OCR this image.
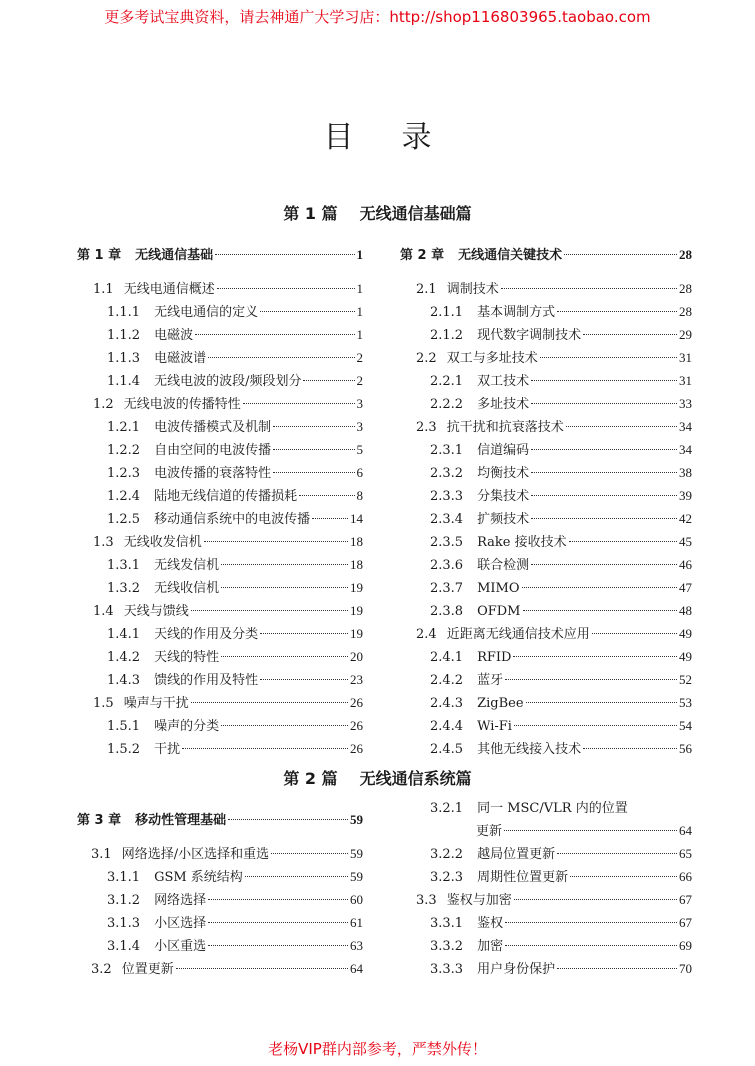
更多考试宝典资料，请去神通广大学习店：http://shop116803965.taobao.com
目录
第 1 篇 无线通信基础篇
第 1 章 无线通信基础	1
1.1 无线电通信概述	1
1.1.1 无线电通信的定义	1
1.1.2 电磁波	1
1.1.3 电磁波谱	2
1.1.4 无线电波的波段/频段划分	2
1.2 无线电波的传播特性	3
1.2.1 电波传播模式及机制	3
1.2.2 自由空间的电波传播	5
1.2.3 电波传播的衰落特性	6
1.2.4 陆地无线信道的传播损耗	8
1.2.5 移动通信系统中的电波传播	14
1.3 无线收发信机	18
1.3.1 无线发信机	18
1.3.2 无线收信机	19
1.4 天线与馈线	19
1.4.1 天线的作用及分类	19
1.4.2 天线的特性	20
1.4.3 馈线的作用及特性	23
1.5 噪声与干扰	26
1.5.1 噪声的分类	26
1.5.2 干扰	26
第 2 章 无线通信关键技术	28
2.1 调制技术	28
2.1.1 基本调制方式	28
2.1.2 现代数字调制技术	29
2.2 双工与多址技术	31
2.2.1 双工技术	31
2.2.2 多址技术	33
2.3 抗干扰和抗衰落技术	34
2.3.1 信道编码	34
2.3.2 均衡技术	38
2.3.3 分集技术	39
2.3.4 扩频技术	42
2.3.5 Rake 接收技术	45
2.3.6 联合检测	46
2.3.7 MIMO	47
2.3.8 OFDM	48
2.4 近距离无线通信技术应用	49
2.4.1 RFID	49
2.4.2 蓝牙	52
2.4.3 ZigBee	53
2.4.4 Wi-Fi	54
2.4.5 其他无线接入技术	56
第 2 篇 无线通信系统篇
第 3 章 移动性管理基础	59
3.1 网络选择/小区选择和重选	59
3.1.1 GSM 系统结构	59
3.1.2 网络选择	60
3.1.3 小区选择	61
3.1.4 小区重选	63
3.2 位置更新	64
3.2.1 同一 MSC/VLR 内的位置
更新	64
3.2.2 越局位置更新	65
3.2.3 周期性位置更新	66
3.3 鉴权与加密	67
3.3.1 鉴权	67
3.3.2 加密	69
3.3.3 用户身份保护	70
老杨VIP群内部参考，严禁外传！
